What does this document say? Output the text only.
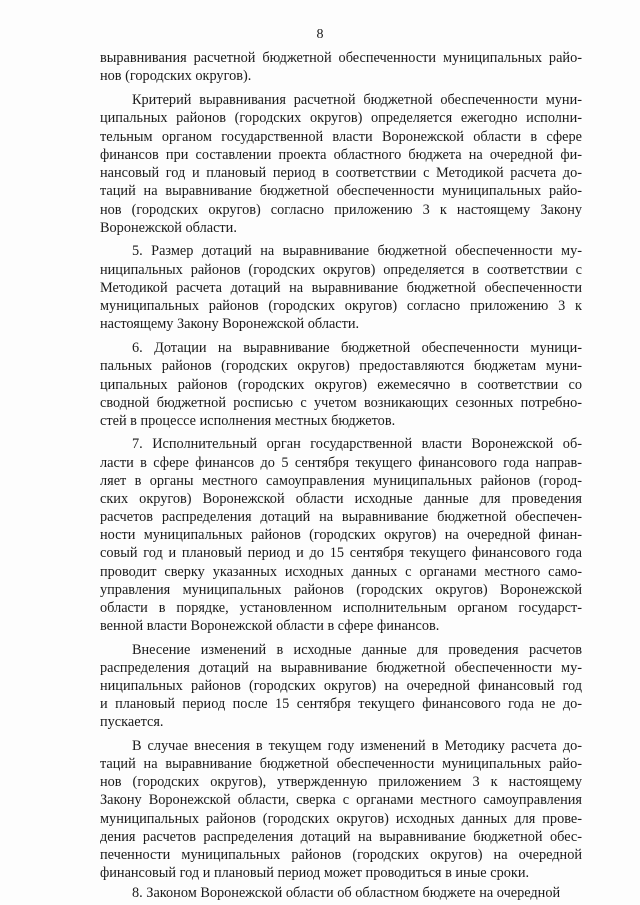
8
выравнивания расчетной бюджетной обеспеченности муниципальных райо-
нов (городских округов).
Критерий выравнивания расчетной бюджетной обеспеченности муни-
ципальных районов (городских округов) определяется ежегодно исполни-
тельным органом государственной власти Воронежской области в сфере
финансов при составлении проекта областного бюджета на очередной фи-
нансовый год и плановый период в соответствии с Методикой расчета до-
таций на выравнивание бюджетной обеспеченности муниципальных райо-
нов (городских округов) согласно приложению 3 к настоящему Закону
Воронежской области.
5. Размер дотаций на выравнивание бюджетной обеспеченности му-
ниципальных районов (городских округов) определяется в соответствии с
Методикой расчета дотаций на выравнивание бюджетной обеспеченности
муниципальных районов (городских округов) согласно приложению 3 к
настоящему Закону Воронежской области.
6. Дотации на выравнивание бюджетной обеспеченности муници-
пальных районов (городских округов) предоставляются бюджетам муни-
ципальных районов (городских округов) ежемесячно в соответствии со
сводной бюджетной росписью с учетом возникающих сезонных потребно-
стей в процессе исполнения местных бюджетов.
7. Исполнительный орган государственной власти Воронежской об-
ласти в сфере финансов до 5 сентября текущего финансового года направ-
ляет в органы местного самоуправления муниципальных районов (город-
ских округов) Воронежской области исходные данные для проведения
расчетов распределения дотаций на выравнивание бюджетной обеспечен-
ности муниципальных районов (городских округов) на очередной финан-
совый год и плановый период и до 15 сентября текущего финансового года
проводит сверку указанных исходных данных с органами местного само-
управления муниципальных районов (городских округов) Воронежской
области в порядке, установленном исполнительным органом государст-
венной власти Воронежской области в сфере финансов.
Внесение изменений в исходные данные для проведения расчетов
распределения дотаций на выравнивание бюджетной обеспеченности му-
ниципальных районов (городских округов) на очередной финансовый год
и плановый период после 15 сентября текущего финансового года не до-
пускается.
В случае внесения в текущем году изменений в Методику расчета до-
таций на выравнивание бюджетной обеспеченности муниципальных райо-
нов (городских округов), утвержденную приложением 3 к настоящему
Закону Воронежской области, сверка с органами местного самоуправления
муниципальных районов (городских округов) исходных данных для прове-
дения расчетов распределения дотаций на выравнивание бюджетной обес-
печенности муниципальных районов (городских округов) на очередной
финансовый год и плановый период может проводиться в иные сроки.
8. Законом Воронежской области об областном бюджете на очередной
